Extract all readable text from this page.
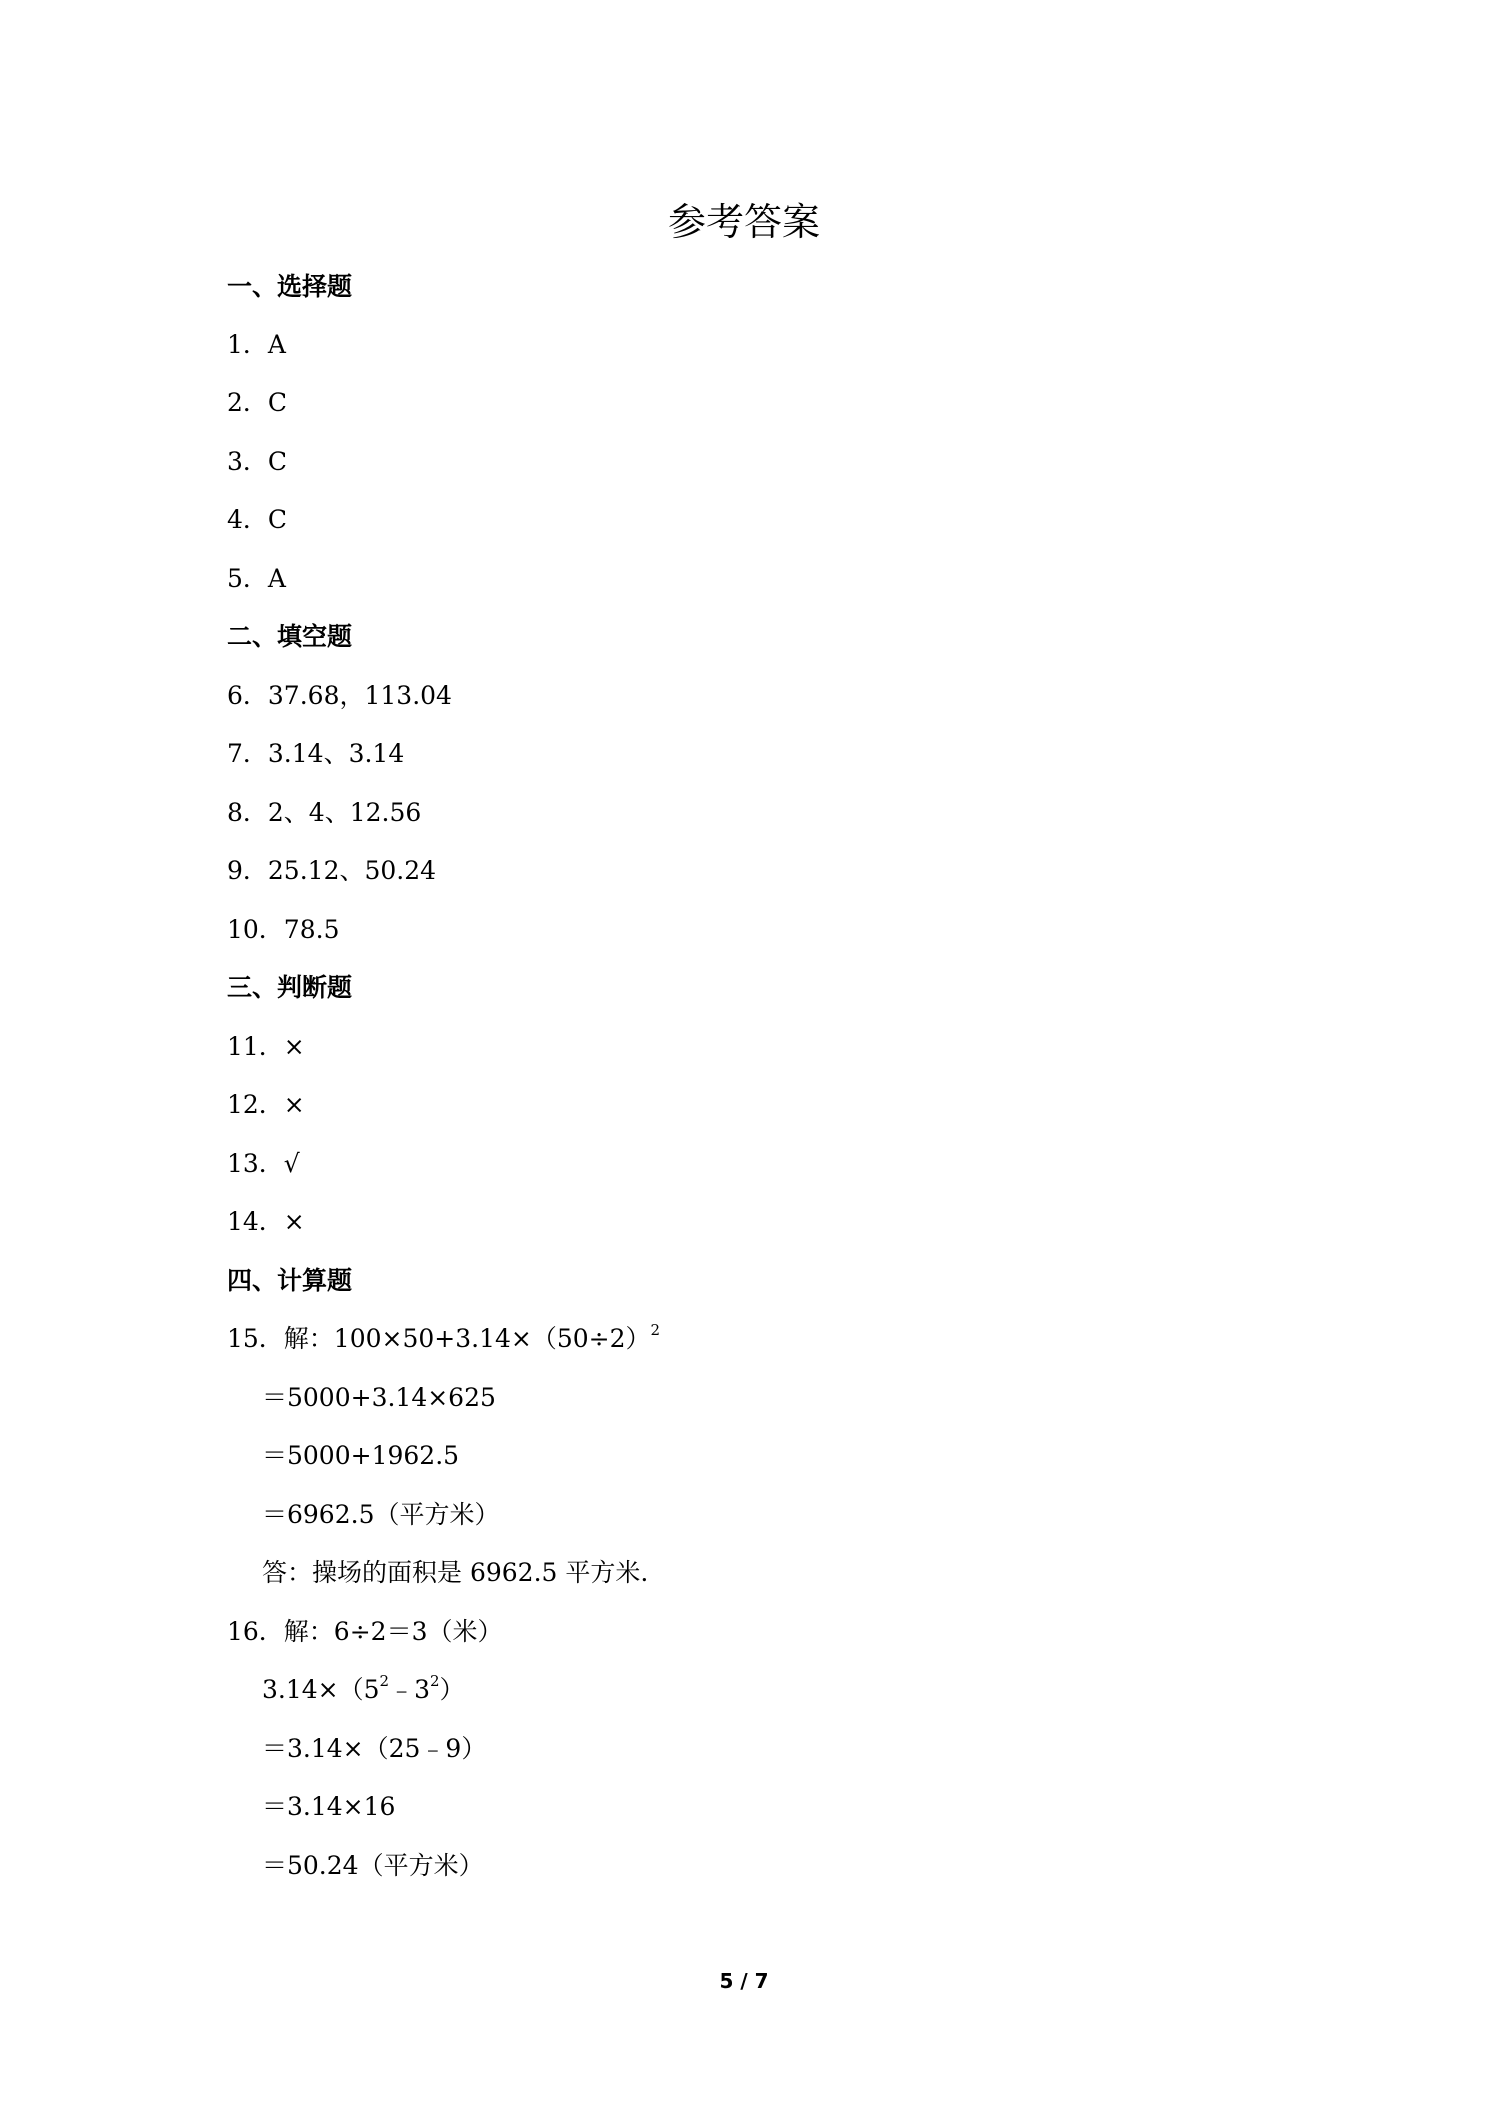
参考答案
一、选择题
1．A
2．C
3．C
4．C
5．A
二、填空题
6．37.68，113.04
7．3.14、3.14
8．2、4、12.56
9．25.12、50.24
10．78.5
三、判断题
11．×
12．×
13．√
14．×
四、计算题
15．解：$100\times 50+3.14\times(50\div 2)^2$
＝5000+3.14×625
＝5000+1962.5
＝6962.5（平方米）
答：操场的面积是 6962.5 平方米.
16．解：6÷2＝3（米）
$3.14\times(5^2﹣3^2)$
＝3.14×（25﹣9）
＝3.14×16
＝50.24（平方米）
5 / 7
